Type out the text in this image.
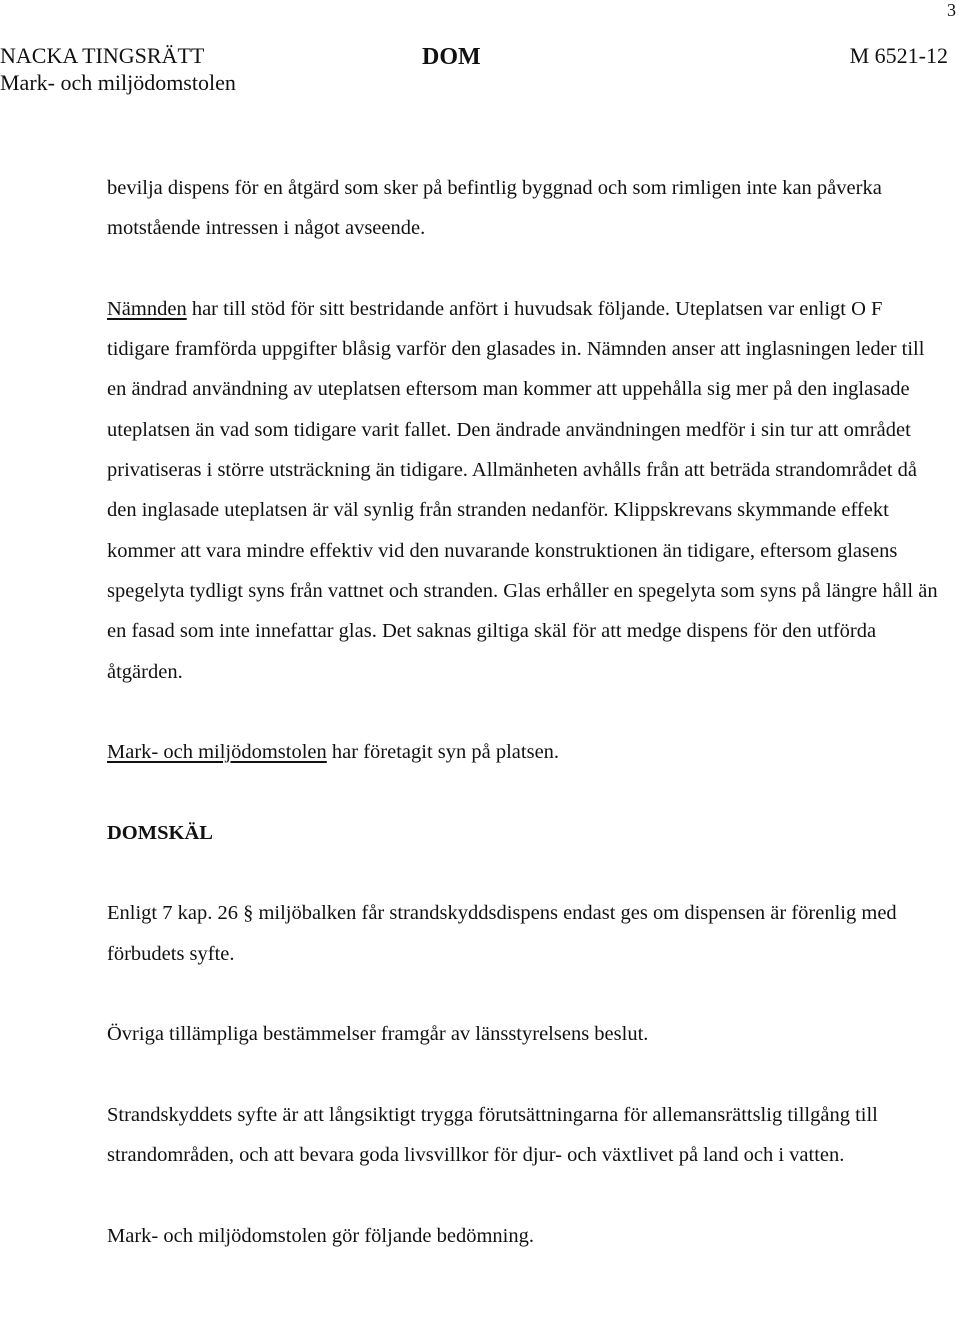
3
NACKA TINGSRÄTT
Mark- och miljödomstolen
DOM	M 6521-12

bevilja dispens för en åtgärd som sker på befintlig byggnad och som rimligen inte kan påverka motstående intressen i något avseende.

Nämnden har till stöd för sitt bestridande anfört i huvudsak följande. Uteplatsen var enligt O F tidigare framförda uppgifter blåsig varför den glasades in. Nämnden anser att inglasningen leder till en ändrad användning av uteplatsen eftersom man kommer att uppehålla sig mer på den inglasade uteplatsen än vad som tidigare varit fallet. Den ändrade användningen medför i sin tur att området privatiseras i större utsträckning än tidigare. Allmänheten avhålls från att beträda strandområdet då den inglasade uteplatsen är väl synlig från stranden nedanför. Klippskrevans skymmande effekt kommer att vara mindre effektiv vid den nuvarande konstruktionen än tidigare, eftersom glasens spegelyta tydligt syns från vattnet och stranden. Glas erhåller en spegelyta som syns på längre håll än en fasad som inte innefattar glas. Det saknas giltiga skäl för att medge dispens för den utförda åtgärden.

Mark- och miljödomstolen har företagit syn på platsen.

DOMSKÄL

Enligt 7 kap. 26 § miljöbalken får strandskyddsdispens endast ges om dispensen är förenlig med förbudets syfte.

Övriga tillämpliga bestämmelser framgår av länsstyrelsens beslut.

Strandskyddets syfte är att långsiktigt trygga förutsättningarna för allemansrättslig tillgång till strandområden, och att bevara goda livsvillkor för djur- och växtlivet på land och i vatten.

Mark- och miljödomstolen gör följande bedömning.
